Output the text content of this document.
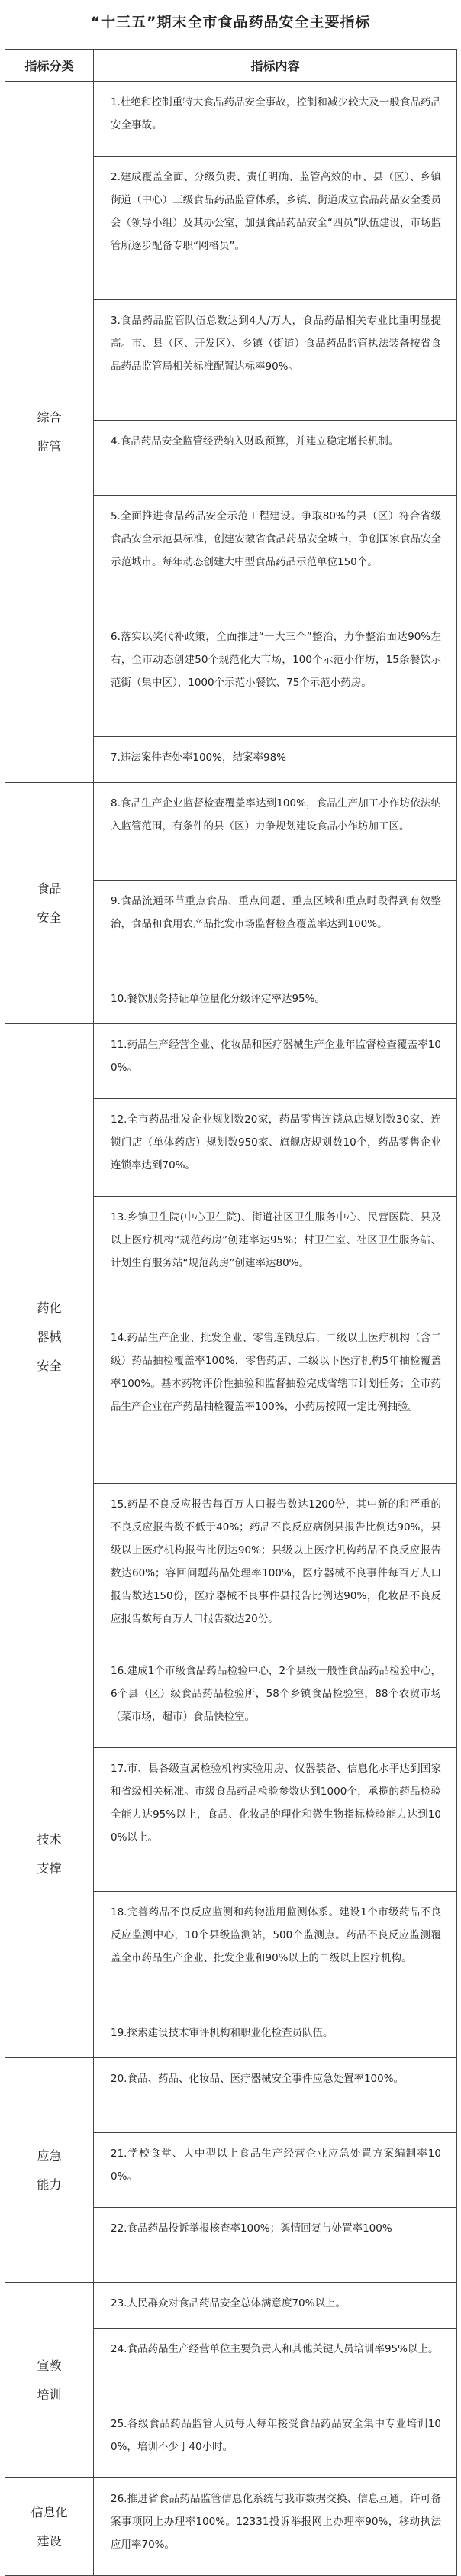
“十三五”期末全市食品药品安全主要指标
指标分类	指标内容

综合
监管	1.杜绝和控制重特大食品药品安全事故，控制和减少较大及一般食品药品安全事故。
	2.建成覆盖全面、分级负责、责任明确、监管高效的市、县（区）、乡镇街道（中心）三级食品药品监管体系，乡镇、街道成立食品药品安全委员会（领导小组）及其办公室，加强食品药品安全“四员”队伍建设，市场监管所逐步配备专职“网格员”。
	3.食品药品监管队伍总数达到4人/万人，食品药品相关专业比重明显提高。市、县（区、开发区）、乡镇（街道）食品药品监管执法装备按省食品药品监管局相关标准配置达标率90%。
	4.食品药品安全监管经费纳入财政预算，并建立稳定增长机制。
	5.全面推进食品药品安全示范工程建设。争取80%的县（区）符合省级食品安全示范县标准，创建安徽省食品药品安全城市，争创国家食品安全示范城市。每年动态创建大中型食品药品示范单位150个。
	6.落实以奖代补政策，全面推进“一大三个”整治，力争整治面达90%左右，全市动态创建50个规范化大市场，100个示范小作坊，15条餐饮示范街（集中区），1000个示范小餐饮、75个示范小药房。
	7.违法案件查处率100%，结案率98%

食品
安全	8.食品生产企业监督检查覆盖率达到100%，食品生产加工小作坊依法纳入监管范围，有条件的县（区）力争规划建设食品小作坊加工区。
	9.食品流通环节重点食品、重点问题、重点区域和重点时段得到有效整治，食品和食用农产品批发市场监督检查覆盖率达到100%。
	10.餐饮服务持证单位量化分级评定率达95%。

药化
器械
安全	11.药品生产经营企业、化妆品和医疗器械生产企业年监督检查覆盖率100%。
	12.全市药品批发企业规划数20家，药品零售连锁总店规划数30家、连锁门店（单体药店）规划数950家、旗舰店规划数10个，药品零售企业连锁率达到70%。
	13.乡镇卫生院(中心卫生院)、街道社区卫生服务中心、民营医院、县及以上医疗机构“规范药房”创建率达95%；村卫生室、社区卫生服务站、计划生育服务站“规范药房”创建率达80%。
	14.药品生产企业、批发企业、零售连锁总店、二级以上医疗机构（含二级）药品抽检覆盖率100%，零售药店、二级以下医疗机构5年抽检覆盖率100%。基本药物评价性抽验和监督抽验完成省辖市计划任务；全市药品生产企业在产药品抽检覆盖率100%，小药房按照一定比例抽验。
	15.药品不良反应报告每百万人口报告数达1200份，其中新的和严重的不良反应报告数不低于40%；药品不良反应病例县报告比例达90%，县级以上医疗机构报告比例达90%；县级以上医疗机构药品不良反应报告数达60%；容回问题药品处理率100%，医疗器械不良事件每百万人口报告数达150份，医疗器械不良事件县报告比例达90%，化妆品不良反应报告数每百万人口报告数达20份。

技术
支撑	16.建成1个市级食品药品检验中心，2个县级一般性食品药品检验中心，6个县（区）级食品药品检验所，58个乡镇食品检验室，88个农贸市场（菜市场，超市）食品快检室。
	17.市、县各级直属检验机构实验用房、仪器装备、信息化水平达到国家和省级相关标准。市级食品药品检验参数达到1000个，承揽的药品检验全能力达95%以上，食品、化妆品的理化和微生物指标检验能力达到100%以上。
	18.完善药品不良反应监测和药物滥用监测体系。建设1个市级药品不良反应监测中心，10个县级监测站，500个监测点。药品不良反应监测覆盖全市药品生产企业、批发企业和90%以上的二级以上医疗机构。
	19.探索建设技术审评机构和职业化检查员队伍。

应急
能力	20.食品、药品、化妆品、医疗器械安全事件应急处置率100%。
	21.学校食堂、大中型以上食品生产经营企业应急处置方案编制率100%。
	22.食品药品投诉举报核查率100%；舆情回复与处置率100%

宣教
培训	23.人民群众对食品药品安全总体满意度70%以上。
	24.食品药品生产经营单位主要负责人和其他关键人员培训率95%以上。
	25.各级食品药品监管人员每人每年接受食品药品安全集中专业培训100%，培训不少于40小时。

信息化
建设	26.推进省食品药品监管信息化系统与我市数据交换、信息互通，许可备案事项网上办理率100%。12331投诉举报网上办理率90%，移动执法应用率70%。
